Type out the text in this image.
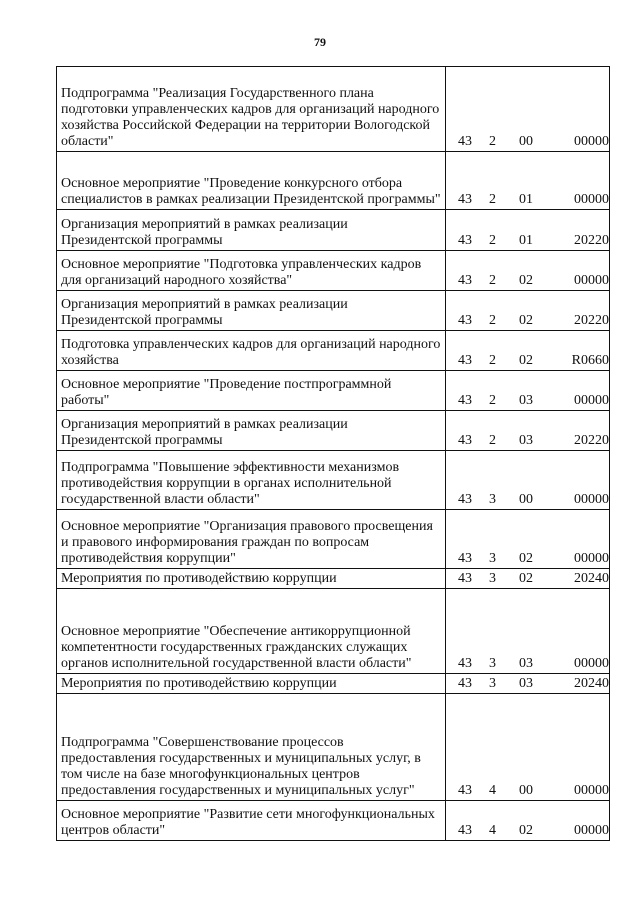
79
Подпрограмма "Реализация Государственного плана подготовки управленческих кадров для организаций народного хозяйства Российской Федерации на территории Вологодской области"	43 2 00 00000
Основное мероприятие "Проведение конкурсного отбора специалистов в рамках реализации Президентской программы"	43 2 01 00000
Организация мероприятий в рамках реализации Президентской программы	43 2 01 20220
Основное мероприятие "Подготовка управленческих кадров для организаций народного хозяйства"	43 2 02 00000
Организация мероприятий в рамках реализации Президентской программы	43 2 02 20220
Подготовка управленческих кадров для организаций народного хозяйства	43 2 02 R0660
Основное мероприятие "Проведение постпрограммной работы"	43 2 03 00000
Организация мероприятий в рамках реализации Президентской программы	43 2 03 20220
Подпрограмма "Повышение эффективности механизмов противодействия коррупции в органах исполнительной государственной власти области"	43 3 00 00000
Основное мероприятие "Организация правового просвещения и правового информирования граждан по вопросам противодействия коррупции"	43 3 02 00000
Мероприятия по противодействию коррупции	43 3 02 20240
Основное мероприятие "Обеспечение антикоррупционной компетентности государственных гражданских служащих органов исполнительной государственной власти области"	43 3 03 00000
Мероприятия по противодействию коррупции	43 3 03 20240
Подпрограмма "Совершенствование процессов предоставления государственных и муниципальных услуг, в том числе на базе многофункциональных центров предоставления государственных и муниципальных услуг"	43 4 00 00000
Основное мероприятие "Развитие сети многофункциональных центров области"	43 4 02 00000
